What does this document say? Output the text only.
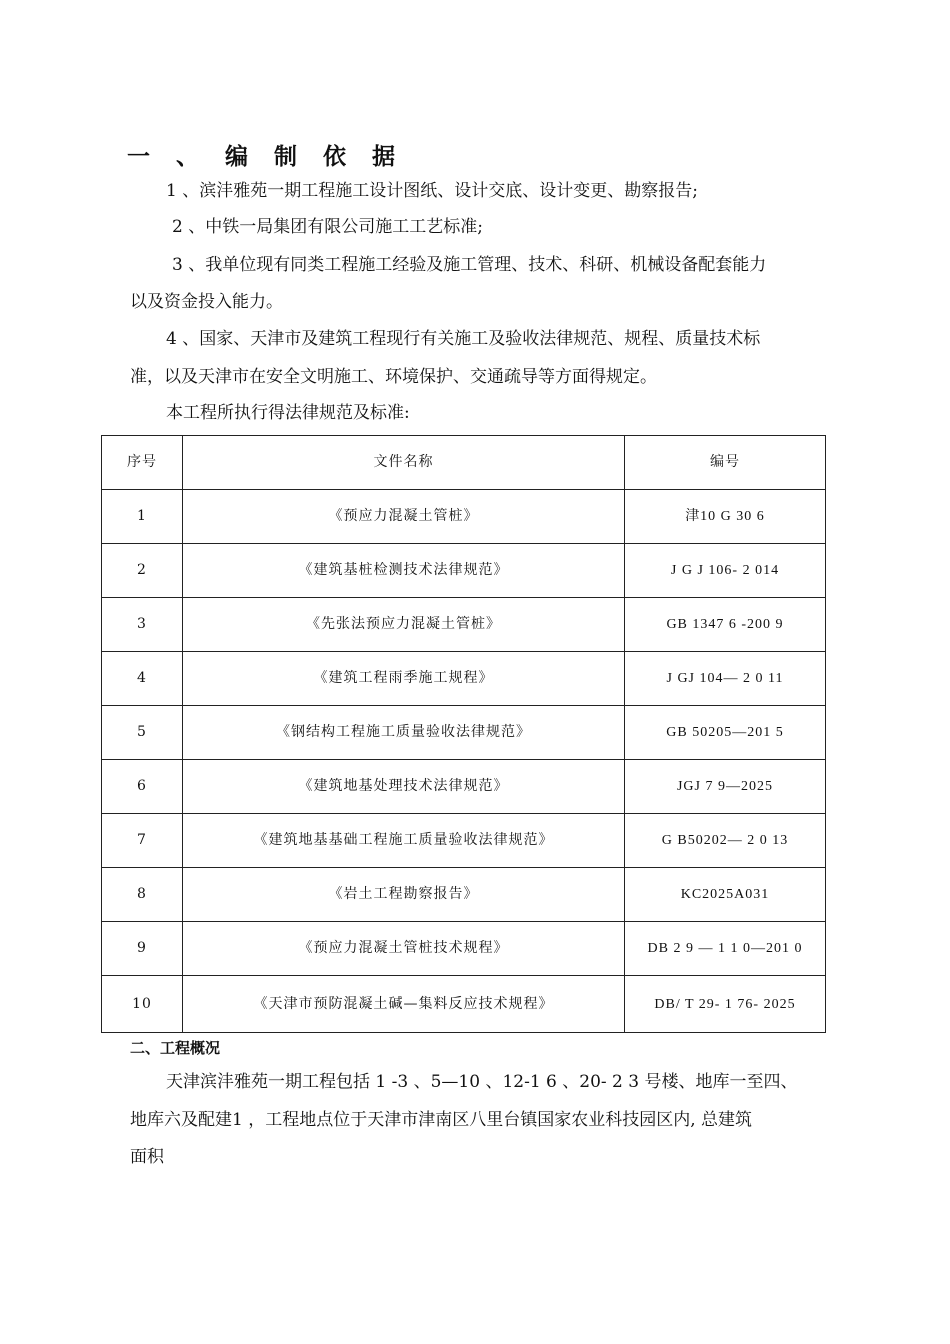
一 、 编 制 依 据
1 、滨沣雅苑一期工程施工设计图纸、设计交底、设计变更、勘察报告;
2 、中铁一局集团有限公司施工工艺标准;
3 、我单位现有同类工程施工经验及施工管理、技术、科研、机械设备配套能力
以及资金投入能力。
4 、国家、天津市及建筑工程现行有关施工及验收法律规范、规程、质量技术标
准，以及天津市在安全文明施工、环境保护、交通疏导等方面得规定。
本工程所执行得法律规范及标准:
序号	文件名称	编号
1	《预应力混凝土管桩》	津10 G 30 6
2	《建筑基桩检测技术法律规范》	J G J 106- 2 014
3	《先张法预应力混凝土管桩》	GB 1347 6 -200 9
4	《建筑工程雨季施工规程》	J GJ 104— 2 0 11
5	《钢结构工程施工质量验收法律规范》	GB 50205—201 5
6	《建筑地基处理技术法律规范》	JGJ 7 9—2025
7	《建筑地基基础工程施工质量验收法律规范》	G B50202— 2 0 13
8	《岩土工程勘察报告》	KC2025A031
9	《预应力混凝土管桩技术规程》	DB 2 9 — 1 1 0—201 0
10	《天津市预防混凝土碱—集料反应技术规程》	DB/ T 29- 1 76- 2025
二、工程概况
天津滨沣雅苑一期工程包括 1 -3 、5—10 、12-1 6 、20- 2 3 号楼、地库一至四、
地库六及配建1 ，工程地点位于天津市津南区八里台镇国家农业科技园区内, 总建筑
面积
